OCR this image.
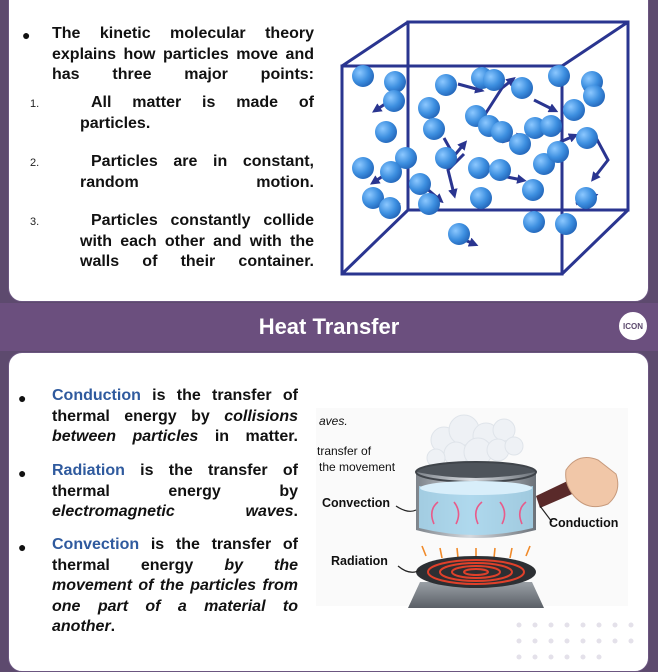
● The kinetic molecular theory explains how particles move and has three major points:
1.	All matter is made of particles.
2.	Particles are in constant, random motion.
3.	Particles constantly collide with each other and with the walls of their container.
Heat Transfer	ICON
● Conduction is the transfer of thermal energy by collisions between particles in matter.
● Radiation is the transfer of thermal energy by electromagnetic waves.
● Convection is the transfer of thermal energy by the movement of the particles from one part of a material to another.
aves.
transfer of
the movement
Convection
Conduction
Radiation
